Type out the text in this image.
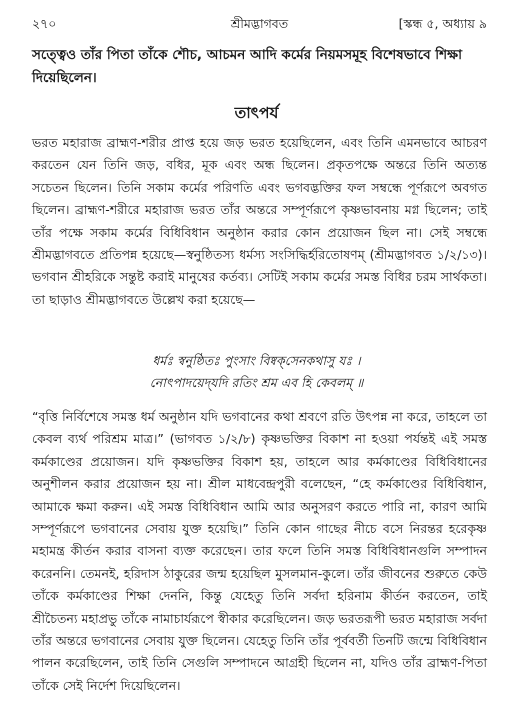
শ্রীমদ্ভাগবত
২৭০	[স্কন্ধ ৫, অধ্যায় ৯
সত্ত্বেও তাঁর পিতা তাঁকে শৌচ, আচমন আদি কর্মের নিয়মসমূহ বিশেষভাবে শিক্ষা দিয়েছিলেন।
তাৎপর্য

ভরত মহারাজ ব্রাহ্মণ-শরীর প্রাপ্ত হয়ে জড় ভরত হয়েছিলেন, এবং তিনি এমনভাবে আচরণ করতেন যেন তিনি জড়, বধির, মূক এবং অন্ধ ছিলেন। প্রকৃতপক্ষে অন্তরে তিনি অত্যন্ত সচেতন ছিলেন। তিনি সকাম কর্মের পরিণতি এবং ভগবদ্ভক্তির ফল সম্বন্ধে পূর্ণরূপে অবগত ছিলেন। ব্রাহ্মণ-শরীরে মহারাজ ভরত তাঁর অন্তরে সম্পূর্ণরূপে কৃষ্ণভাবনায় মগ্ন ছিলেন; তাই তাঁর পক্ষে সকাম কর্মের বিধিবিধান অনুষ্ঠান করার কোন প্রয়োজন ছিল না। সেই সম্বন্ধে শ্রীমদ্ভাগবতে প্রতিপন্ন হয়েছে—স্বনুষ্ঠিতস্য ধর্মস্য সংসিদ্ধির্হরিতোষণম্ (শ্রীমদ্ভাগবত ১/২/১৩)। ভগবান শ্রীহরিকে সন্তুষ্ট করাই মানুষের কর্তব্য। সেটিই সকাম কর্মের সমস্ত বিধির চরম সার্থকতা। তা ছাড়াও শ্রীমদ্ভাগবতে উল্লেখ করা হয়েছে—

ধর্মঃ স্বনুষ্ঠিতঃ পুংসাং বিষ্বক্‌সেনকথাসু যঃ ।
নোৎপাদয়েদ্‌যদি রতিং শ্রম এব হি কেবলম্ ॥

“বৃত্তি নির্বিশেষে সমস্ত ধর্ম অনুষ্ঠান যদি ভগবানের কথা শ্রবণে রতি উৎপন্ন না করে, তাহলে তা কেবল ব্যর্থ পরিশ্রম মাত্র।” (ভাগবত ১/২/৮) কৃষ্ণভক্তির বিকাশ না হওয়া পর্যন্তই এই সমস্ত কর্মকাণ্ডের প্রয়োজন। যদি কৃষ্ণভক্তির বিকাশ হয়, তাহলে আর কর্মকাণ্ডের বিধিবিধানের অনুশীলন করার প্রয়োজন হয় না। শ্রীল মাধবেন্দ্রপুরী বলেছেন, “হে কর্মকাণ্ডের বিধিবিধান, আমাকে ক্ষমা করুন। এই সমস্ত বিধিবিধান আমি আর অনুসরণ করতে পারি না, কারণ আমি সম্পূর্ণরূপে ভগবানের সেবায় যুক্ত হয়েছি।” তিনি কোন গাছের নীচে বসে নিরন্তর হরেকৃষ্ণ মহামন্ত্র কীর্তন করার বাসনা ব্যক্ত করেছেন। তার ফলে তিনি সমস্ত বিধিবিধানগুলি সম্পাদন করেননি। তেমনই, হরিদাস ঠাকুরের জন্ম হয়েছিল মুসলমান-কুলে। তাঁর জীবনের শুরুতে কেউ তাঁকে কর্মকাণ্ডের শিক্ষা দেননি, কিন্তু যেহেতু তিনি সর্বদা হরিনাম কীর্তন করতেন, তাই শ্রীচৈতন্য মহাপ্রভু তাঁকে নামাচার্যরূপে স্বীকার করেছিলেন। জড় ভরতরূপী ভরত মহারাজ সর্বদা তাঁর অন্তরে ভগবানের সেবায় যুক্ত ছিলেন। যেহেতু তিনি তাঁর পূর্ববর্তী তিনটি জন্মে বিধিবিধান পালন করেছিলেন, তাই তিনি সেগুলি সম্পাদনে আগ্রহী ছিলেন না, যদিও তাঁর ব্রাহ্মণ-পিতা তাঁকে সেই নির্দেশ দিয়েছিলেন।
